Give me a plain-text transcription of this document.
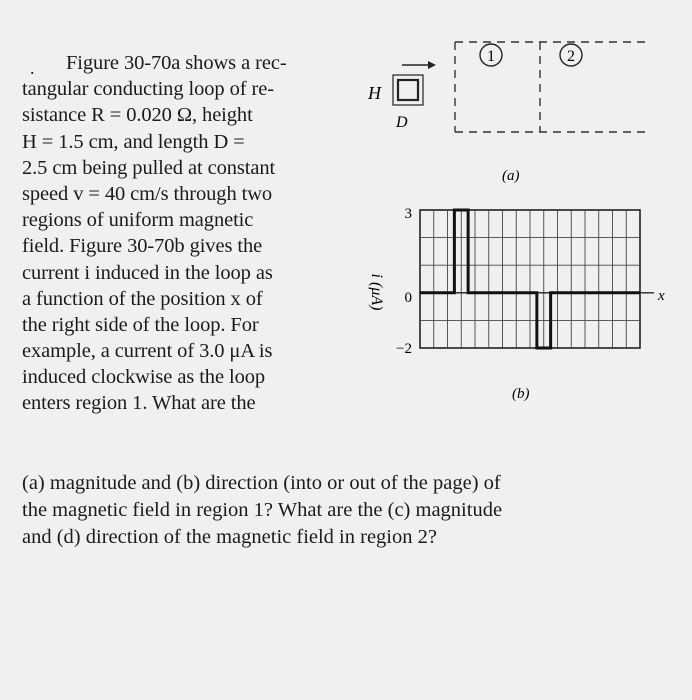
.	Figure 30-70a shows a rec-
tangular conducting loop of re-
sistance R = 0.020 Ω, height
H = 1.5 cm, and length D =
2.5 cm being pulled at constant
speed v = 40 cm/s through two
regions of uniform magnetic
field. Figure 30-70b gives the
current i induced in the loop as
a function of the position x of
the right side of the loop. For
example, a current of 3.0 μA is
induced clockwise as the loop
enters region 1. What are the
(a) magnitude and (b) direction (into or out of the page) of
the magnetic field in region 1? What are the (c) magnitude
and (d) direction of the magnetic field in region 2?
H
D
1	2
(a)
3
0
−2
i (μA)	x
(b)
